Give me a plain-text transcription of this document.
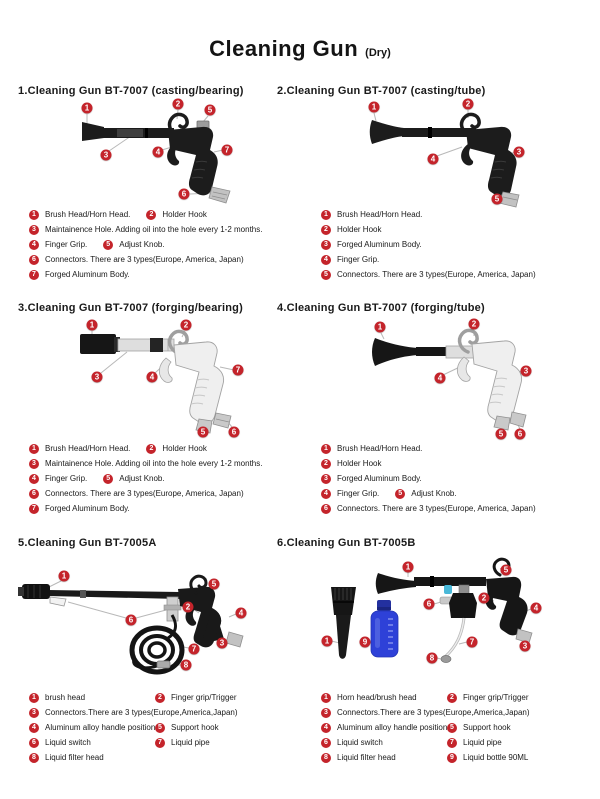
Cleaning Gun (Dry)
1.Cleaning Gun BT-7007 (casting/bearing)
1	2
5
3	4	7
6
1	Brush Head/Horn Head.	2	Holder Hook
3	Maintainence Hole. Adding oil into the hole every 1-2 months.
4	Finger Grip.	5	Adjust Knob.
6	Connectors. There are 3 types(Europe, America, Japan)
7	Forged Aluminum Body.
2.Cleaning Gun BT-7007 (casting/tube)
1	2
4
3
5
1	Brush Head/Horn Head.
2	Holder Hook
3	Forged Aluminum Body.
4	Finger Grip.
5	Connectors. There are 3 types(Europe, America, Japan)
3.Cleaning Gun BT-7007 (forging/bearing)
1	2
3	4
7
5	6
1	Brush Head/Horn Head.	2	Holder Hook
3	Maintainence Hole. Adding oil into the hole every 1-2 months.
4	Finger Grip.	5	Adjust Knob.
6	Connectors. There are 3 types(Europe, America, Japan)
7	Forged Aluminum Body.
4.Cleaning Gun BT-7007 (forging/tube)
1	2
4
3
5	6
1	Brush Head/Horn Head.
2	Holder Hook
3	Forged Aluminum Body.
4	Finger Grip.	5	Adjust Knob.
6	Connectors. There are 3 types(Europe, America, Japan)
5.Cleaning Gun BT-7005A
1
5
2
4
6
3
7
8
1	brush head	2	Finger grip/Trigger
3	Connectors.There are 3 types(Europe,America,Japan)
4	Aluminum alloy handle position 5	Support hook
6	Liquid switch	7	Liquid pipe
8	Liquid filter head
6.Cleaning Gun BT-7005B
1	5
2
4
6
3
7
8
1	9
1	Horn head/brush head	2	Finger grip/Trigger
3	Connectors.There are 3 types(Europe,America,Japan)
4	Aluminum alloy handle position 5	Support hook
6	Liquid switch	7	Liquid pipe
8	Liquid filter head	9	Liquid bottle 90ML
